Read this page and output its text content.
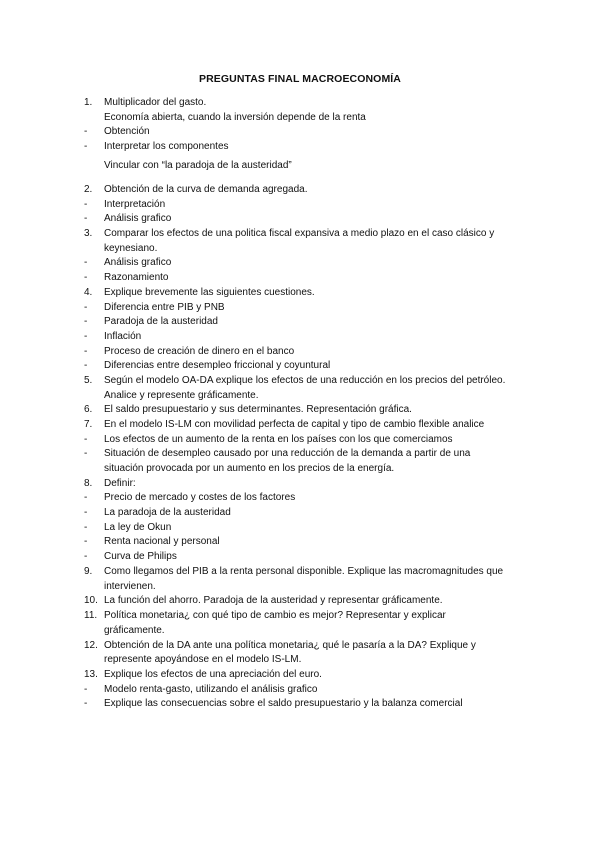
PREGUNTAS FINAL MACROECONOMÍA
1. Multiplicador del gasto.
Economía abierta, cuando la inversión depende de la renta
- Obtención
- Interpretar los componentes
Vincular con “la paradoja de la austeridad”
2. Obtención de la curva de demanda agregada.
- Interpretación
- Análisis grafico
3. Comparar los efectos de una politica fiscal expansiva a medio plazo en el caso clásico y
keynesiano.
- Análisis grafico
- Razonamiento
4. Explique brevemente las siguientes cuestiones.
- Diferencia entre PIB y PNB
- Paradoja de la austeridad
- Inflación
- Proceso de creación de dinero en el banco
- Diferencias entre desempleo friccional y coyuntural
5. Según el modelo OA-DA explique los efectos de una reducción en los precios del petróleo.
Analice y represente gráficamente.
6. El saldo presupuestario y sus determinantes. Representación gráfica.
7. En el modelo IS-LM con movilidad perfecta de capital y tipo de cambio flexible analice
- Los efectos de un aumento de la renta en los países con los que comerciamos
- Situación de desempleo causado por una reducción de la demanda a partir de una
situación provocada por un aumento en los precios de la energía.
8. Definir:
- Precio de mercado y costes de los factores
- La paradoja de la austeridad
- La ley de Okun
- Renta nacional y personal
- Curva de Philips
9. Como llegamos del PIB a la renta personal disponible. Explique las macromagnitudes que
intervienen.
10. La función del ahorro. Paradoja de la austeridad y representar gráficamente.
11. Política monetaria¿ con qué tipo de cambio es mejor? Representar y explicar
gráficamente.
12. Obtención de la DA ante una política monetaria¿ qué le pasaría a la DA? Explique y
represente apoyándose en el modelo IS-LM.
13. Explique los efectos de una apreciación del euro.
- Modelo renta-gasto, utilizando el análisis grafico
- Explique las consecuencias sobre el saldo presupuestario y la balanza comercial
